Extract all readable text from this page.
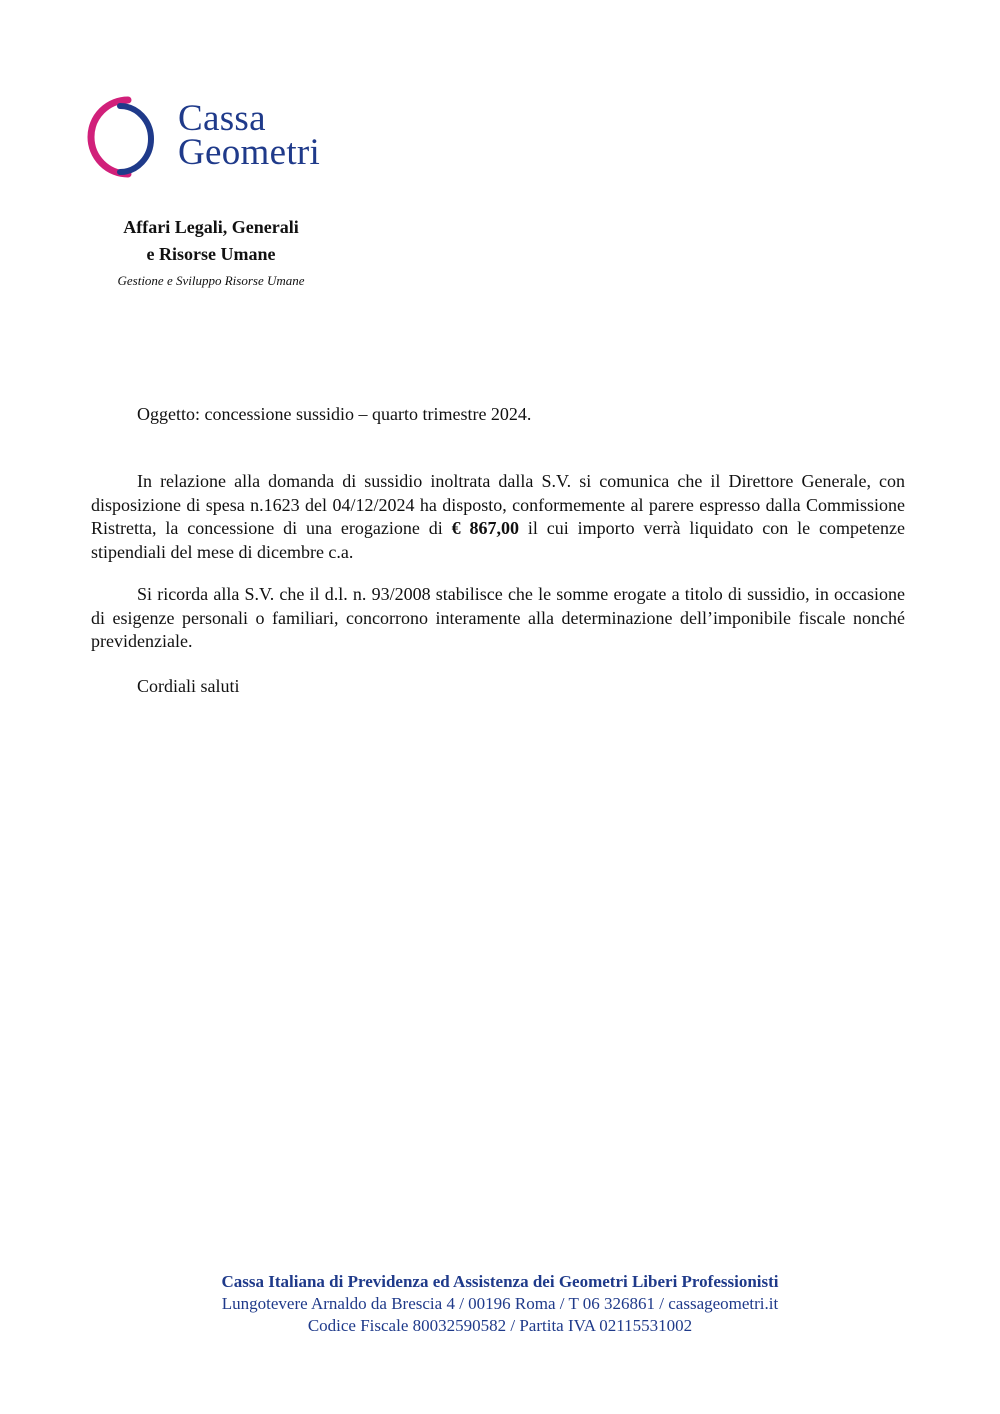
Cassa
Geometri
Affari Legali, Generali
e Risorse Umane
Gestione e Sviluppo Risorse Umane
Oggetto: concessione sussidio – quarto trimestre 2024.

In relazione alla domanda di sussidio inoltrata dalla S.V. si comunica che il Direttore Generale, con disposizione di spesa n.1623 del 04/12/2024 ha disposto, conformemente al parere espresso dalla Commissione Ristretta, la concessione di una erogazione di € 867,00 il cui importo verrà liquidato con le competenze stipendiali del mese di dicembre c.a.

Si ricorda alla S.V. che il d.l. n. 93/2008 stabilisce che le somme erogate a titolo di sussidio, in occasione di esigenze personali o familiari, concorrono interamente alla determinazione dell’imponibile fiscale nonché previdenziale.

Cordiali saluti
Cassa Italiana di Previdenza ed Assistenza dei Geometri Liberi Professionisti
Lungotevere Arnaldo da Brescia 4 / 00196 Roma / T 06 326861 / cassageometri.it
Codice Fiscale 80032590582 / Partita IVA 02115531002
